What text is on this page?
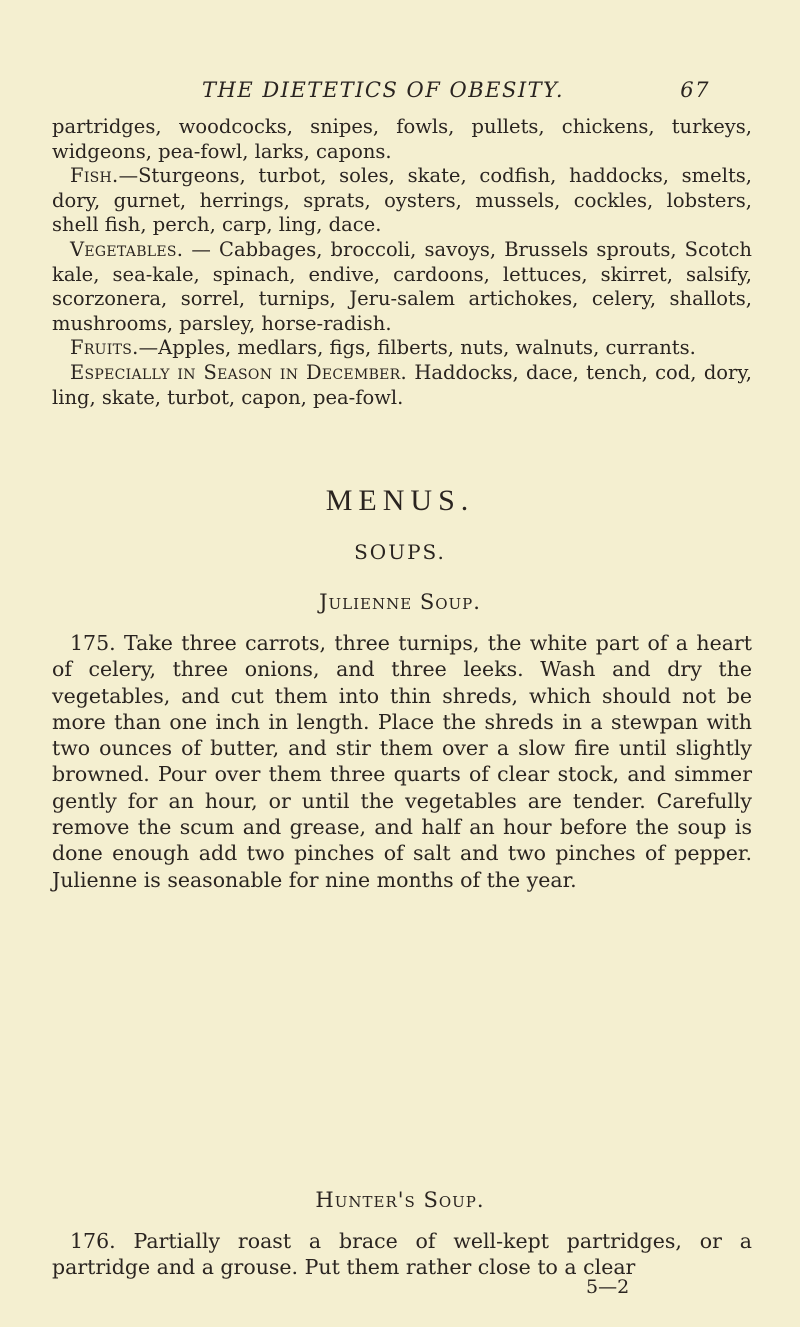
THE DIETETICS OF OBESITY.	67

partridges, woodcocks, snipes, fowls, pullets, chickens, turkeys, widgeons, pea-fowl, larks, capons.

Fish.—Sturgeons, turbot, soles, skate, codfish, haddocks, smelts, dory, gurnet, herrings, sprats, oysters, mussels, cockles, lobsters, shell fish, perch, carp, ling, dace.

Vegetables. — Cabbages, broccoli, savoys, Brussels sprouts, Scotch kale, sea-kale, spinach, endive, cardoons, lettuces, skirret, salsify, scorzonera, sorrel, turnips, Jeru-salem artichokes, celery, shallots, mushrooms, parsley, horse-radish.

Fruits.—Apples, medlars, figs, filberts, nuts, walnuts, currants.

Especially in Season in December. Haddocks, dace, tench, cod, dory, ling, skate, turbot, capon, pea-fowl.

MENUS.
SOUPS.
Julienne Soup.

175. Take three carrots, three turnips, the white part of a heart of celery, three onions, and three leeks. Wash and dry the vegetables, and cut them into thin shreds, which should not be more than one inch in length. Place the shreds in a stewpan with two ounces of butter, and stir them over a slow fire until slightly browned. Pour over them three quarts of clear stock, and simmer gently for an hour, or until the vegetables are tender. Carefully remove the scum and grease, and half an hour before the soup is done enough add two pinches of salt and two pinches of pepper. Julienne is seasonable for nine months of the year.

Hunter's Soup.

176. Partially roast a brace of well-kept partridges, or a partridge and a grouse. Put them rather close to a clear

5—2
